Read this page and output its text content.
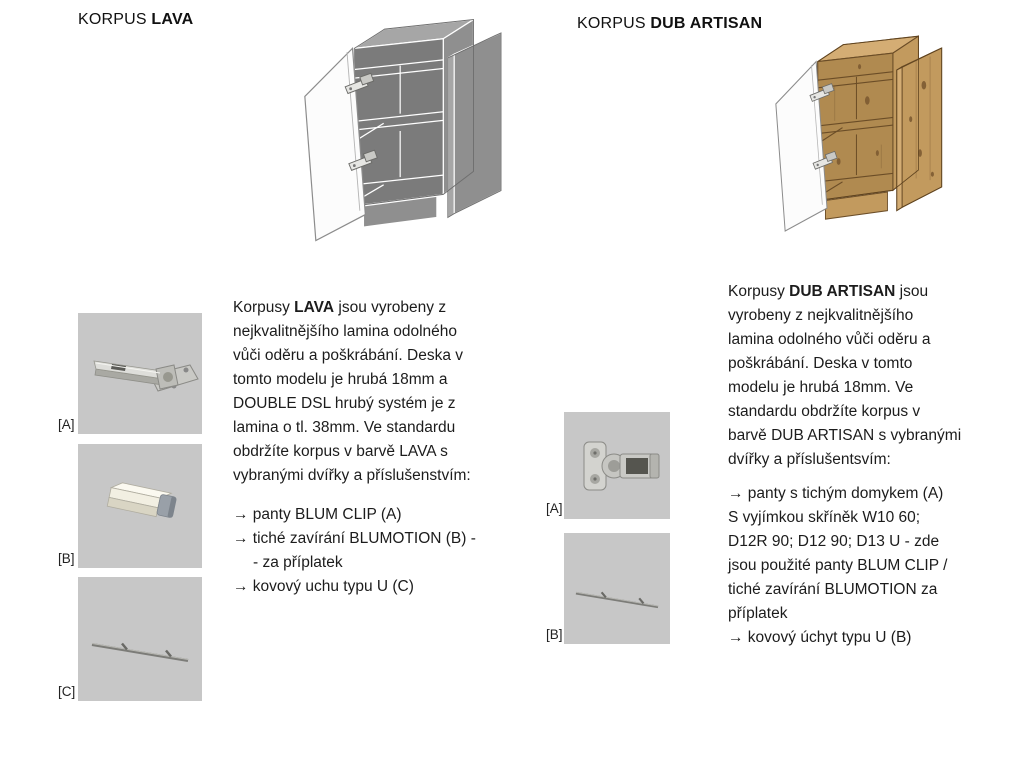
KORPUS LAVA	KORPUS DUB ARTISAN
[A]
[B]
[C]
[A]
[B]
Korpusy LAVA jsou vyrobeny z
nejkvalitnějšího lamina odolného
vůči oděru a poškrábání. Deska v
tomto modelu je hrubá 18mm a
DOUBLE DSL hrubý systém je z
lamina o tl. 38mm. Ve standardu
obdržíte korpus v barvě LAVA s
vybranými dvířky a příslušenstvím:
→ panty BLUM CLIP (A)
→ tiché zavírání BLUMOTION (B) -
- za příplatek
→ kovový uchu typu U (C)
Korpusy DUB ARTISAN jsou
vyrobeny z nejkvalitnějšího
lamina odolného vůči oděru a
poškrábání. Deska v tomto
modelu je hrubá 18mm. Ve
standardu obdržíte korpus v
barvě DUB ARTISAN s vybranými
dvířky a příslušentsvím:
→ panty s tichým domykem (A)
S vyjímkou skříněk W10 60;
D12R 90; D12 90; D13 U - zde
jsou použité panty BLUM CLIP /
tiché zavírání BLUMOTION za
příplatek
→ kovový úchyt typu U (B)
